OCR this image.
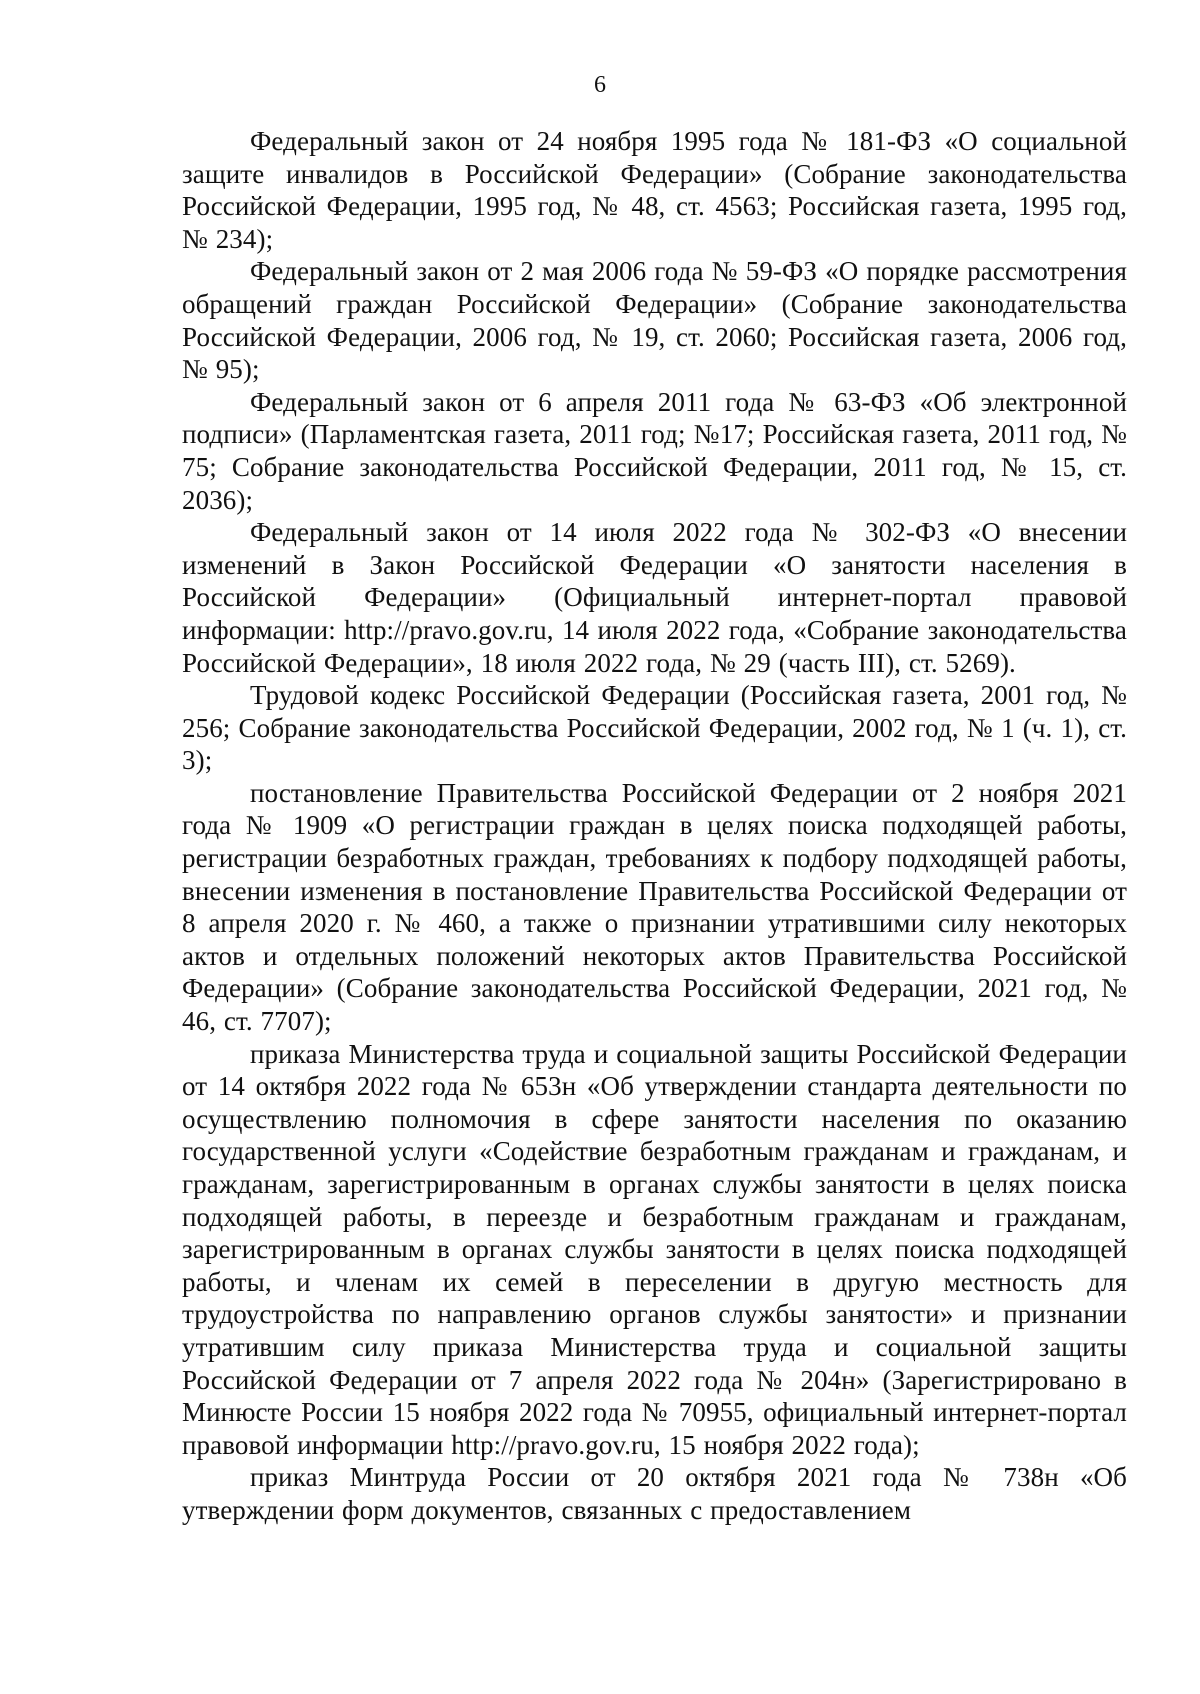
6

Федеральный закон от 24 ноября 1995 года № 181-ФЗ «О социальной защите инвалидов в Российской Федерации» (Собрание законодательства Российской Федерации, 1995 год, № 48, ст. 4563; Российская газета, 1995 год, № 234);

Федеральный закон от 2 мая 2006 года № 59-ФЗ «О порядке рассмотрения обращений граждан Российской Федерации» (Собрание законодательства Российской Федерации, 2006 год, № 19, ст. 2060; Российская газета, 2006 год, № 95);

Федеральный закон от 6 апреля 2011 года № 63-ФЗ «Об электронной подписи» (Парламентская газета, 2011 год; №17; Российская газета, 2011 год, № 75; Собрание законодательства Российской Федерации, 2011 год, № 15, ст. 2036);

Федеральный закон от 14 июля 2022 года № 302-ФЗ «О внесении изменений в Закон Российской Федерации «О занятости населения в Российской Федерации» (Официальный интернет-портал правовой информации: http://pravo.gov.ru, 14 июля 2022 года, «Собрание законодательства Российской Федерации», 18 июля 2022 года, № 29 (часть III), ст. 5269).

Трудовой кодекс Российской Федерации (Российская газета, 2001 год, № 256; Собрание законодательства Российской Федерации, 2002 год, № 1 (ч. 1), ст. 3);

постановление Правительства Российской Федерации от 2 ноября 2021 года № 1909 «О регистрации граждан в целях поиска подходящей работы, регистрации безработных граждан, требованиях к подбору подходящей работы, внесении изменения в постановление Правительства Российской Федерации от 8 апреля 2020 г. № 460, а также о признании утратившими силу некоторых актов и отдельных положений некоторых актов Правительства Российской Федерации» (Собрание законодательства Российской Федерации, 2021 год, № 46, ст. 7707);

приказа Министерства труда и социальной защиты Российской Федерации от 14 октября 2022 года № 653н «Об утверждении стандарта деятельности по осуществлению полномочия в сфере занятости населения по оказанию государственной услуги «Содействие безработным гражданам и гражданам, и гражданам, зарегистрированным в органах службы занятости в целях поиска подходящей работы, в переезде и безработным гражданам и гражданам, зарегистрированным в органах службы занятости в целях поиска подходящей работы, и членам их семей в переселении в другую местность для трудоустройства по направлению органов службы занятости» и признании утратившим силу приказа Министерства труда и социальной защиты Российской Федерации от 7 апреля 2022 года № 204н» (Зарегистрировано в Минюсте России 15 ноября 2022 года № 70955, официальный интернет-портал правовой информации http://pravo.gov.ru, 15 ноября 2022 года);

приказ Минтруда России от 20 октября 2021 года № 738н «Об утверждении форм документов, связанных с предоставлением
